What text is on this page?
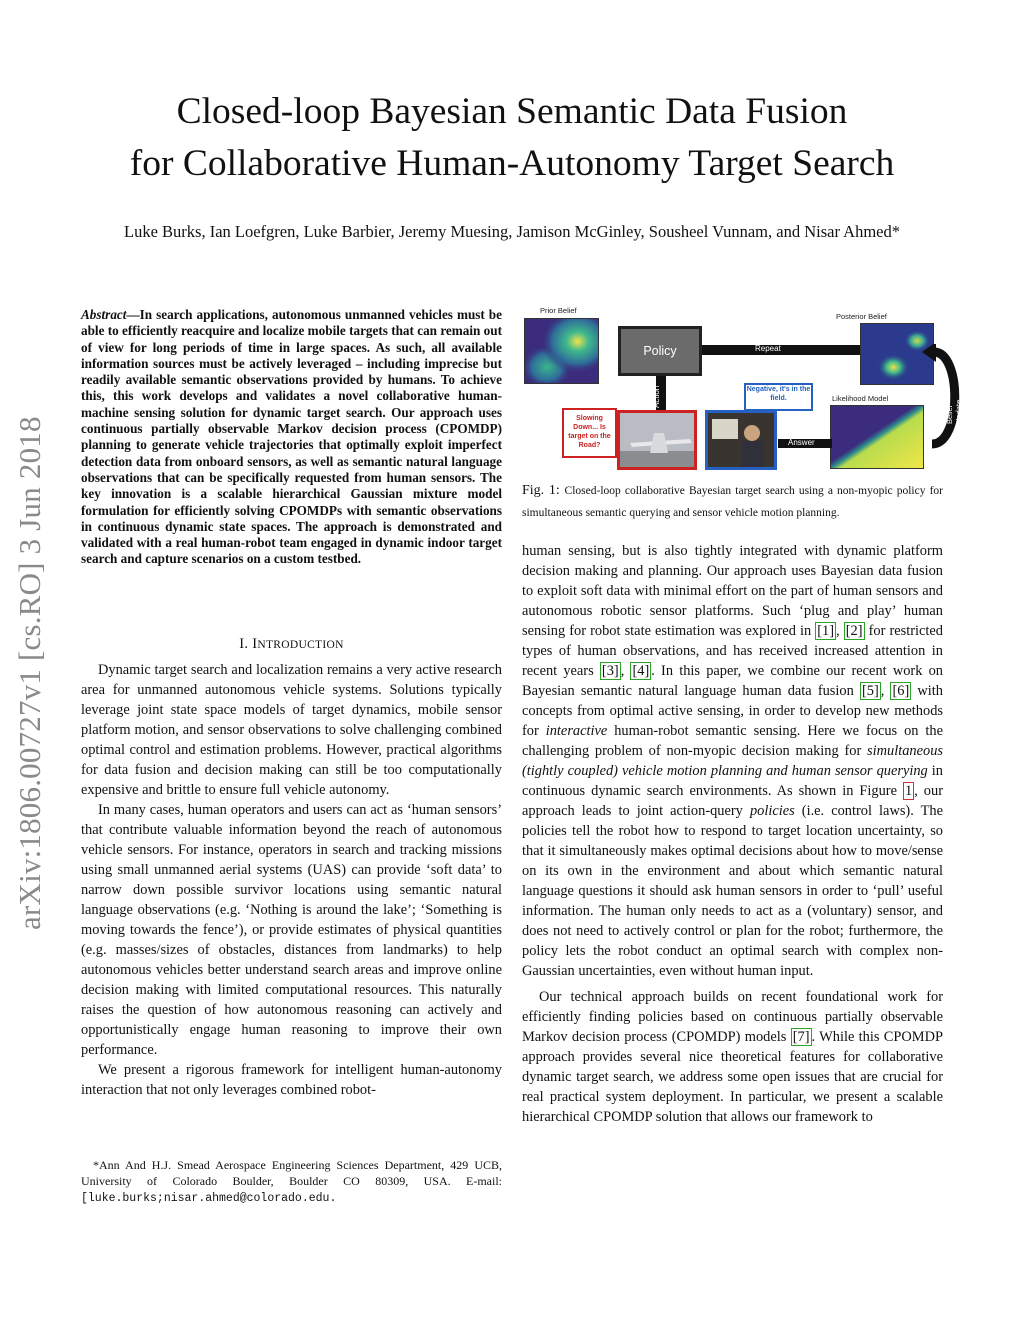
arXiv:1806.00727v1 [cs.RO] 3 Jun 2018
Closed-loop Bayesian Semantic Data Fusion
for Collaborative Human-Autonomy Target Search
Luke Burks, Ian Loefgren, Luke Barbier, Jeremy Muesing, Jamison McGinley, Sousheel Vunnam, and Nisar Ahmed*
Abstract—In search applications, autonomous unmanned vehicles must be able to efficiently reacquire and localize mobile targets that can remain out of view for long periods of time in large spaces. As such, all available information sources must be actively leveraged – including imprecise but readily available semantic observations provided by humans. To achieve this, this work develops and validates a novel collaborative human-machine sensing solution for dynamic target search. Our approach uses continuous partially observable Markov decision process (CPOMDP) planning to generate vehicle trajectories that optimally exploit imperfect detection data from onboard sensors, as well as semantic natural language observations that can be specifically requested from human sensors. The key innovation is a scalable hierarchical Gaussian mixture model formulation for efficiently solving CPOMDPs with semantic observations in continuous dynamic state spaces. The approach is demonstrated and validated with a real human-robot team engaged in dynamic indoor target search and capture scenarios on a custom testbed.
I. INTRODUCTION

Dynamic target search and localization remains a very active research area for unmanned autonomous vehicle systems. Solutions typically leverage joint state space models of target dynamics, mobile sensor platform motion, and sensor observations to solve challenging combined optimal control and estimation problems. However, practical algorithms for data fusion and decision making can still be too computationally expensive and brittle to ensure full vehicle autonomy.

In many cases, human operators and users can act as ‘human sensors’ that contribute valuable information beyond the reach of autonomous vehicle sensors. For instance, operators in search and tracking missions using small unmanned aerial systems (UAS) can provide ‘soft data’ to narrow down possible survivor locations using semantic natural language observations (e.g. ‘Nothing is around the lake’; ‘Something is moving towards the fence’), or provide estimates of physical quantities (e.g. masses/sizes of obstacles, distances from landmarks) to help autonomous vehicles better understand search areas and improve online decision making with limited computational resources. This naturally raises the question of how autonomous reasoning can actively and opportunistically engage human reasoning to improve their own performance.

We present a rigorous framework for intelligent human-autonomy interaction that not only leverages combined robot-

*Ann And H.J. Smead Aerospace Engineering Sciences Department, 429 UCB, University of Colorado Boulder, Boulder CO 80309, USA. E-mail:[luke.burks;nisar.ahmed@colorado.edu.
Prior Belief
Policy	Repeat
Action
Posterior Belief
Belief Update
Likelihood Model
Answer
Negative, it's in the field.
Slowing Down... Is target on the Road?
Fig. 1: Closed-loop collaborative Bayesian target search using a non-myopic policy for simultaneous semantic querying and sensor vehicle motion planning.

human sensing, but is also tightly integrated with dynamic platform decision making and planning. Our approach uses Bayesian data fusion to exploit soft data with minimal effort on the part of human sensors and autonomous robotic sensor platforms. Such ‘plug and play’ human sensing for robot state estimation was explored in [1] , [2] for restricted types of human observations, and has received increased attention in recent years [3] , [4] . In this paper, we combine our recent work on Bayesian semantic natural language human data fusion [5] , [6] with concepts from optimal active sensing, in order to develop new methods for interactive human-robot semantic sensing. Here we focus on the challenging problem of non-myopic decision making for simultaneous (tightly coupled) vehicle motion planning and human sensor querying in continuous dynamic search environments. As shown in Figure 1 , our approach leads to joint action-query policies (i.e. control laws). The policies tell the robot how to respond to target location uncertainty, so that it simultaneously makes optimal decisions about how to move/sense on its own in the environment and about which semantic natural language questions it should ask human sensors in order to ‘pull’ useful information. The human only needs to act as a (voluntary) sensor, and does not need to actively control or plan for the robot; furthermore, the policy lets the robot conduct an optimal search with complex non-Gaussian uncertainties, even without human input.

Our technical approach builds on recent foundational work for efficiently finding policies based on continuous partially observable Markov decision process (CPOMDP) models [7] . While this CPOMDP approach provides several nice theoretical features for collaborative dynamic target search, we address some open issues that are crucial for real practical system deployment. In particular, we present a scalable hierarchical CPOMDP solution that allows our framework to
